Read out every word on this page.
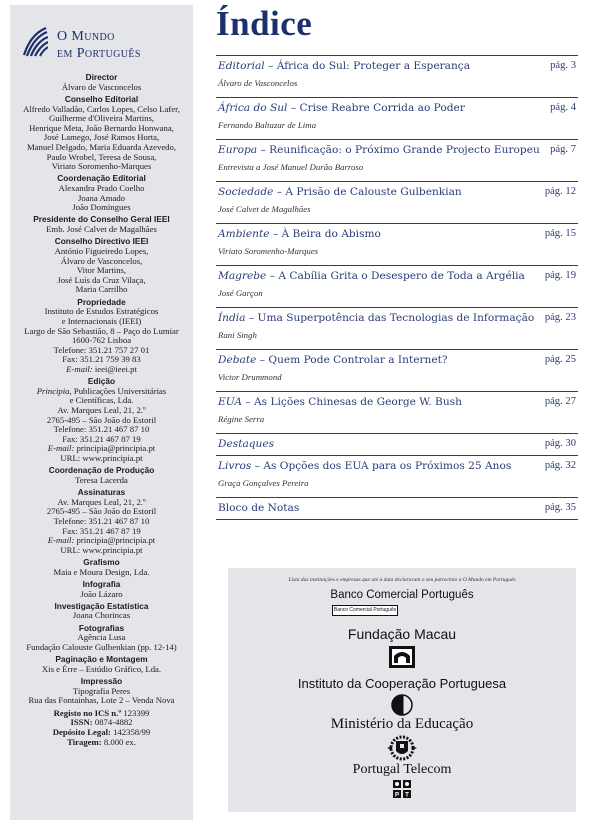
O Mundo
em Português
Director
Álvaro de Vasconcelos
Conselho Editorial
Alfredo Valladão, Carlos Lopes, Celso Lafer,
Guilherme d'Oliveira Martins,
Henrique Meta, João Bernardo Honwana,
José Lamego, José Ramos Horta,
Manuel Delgado, Maria Eduarda Azevedo,
Paulo Wrobel, Teresa de Sousa,
Viriato Soromenho-Marques
Coordenação Editorial
Alexandra Prado Coelho
Joana Amado
João Domingues
Presidente do Conselho Geral IEEI
Emb. José Calvet de Magalhães
Conselho Directivo IEEI
António Figueiredo Lopes,
Álvaro de Vasconcelos,
Vitor Martins,
José Luís da Cruz Vilaça,
Maria Carrilho
Propriedade
Instituto de Estudos Estratégicos
e Internacionais (IEEI)
Largo de São Sebastião, 8 – Paço do Lumiar
1600-762 Lisboa
Telefone: 351.21 757 27 01
Fax: 351.21 759 39 83
E-mail: ieei@ieei.pt
Edição
Principia, Publicações Universitárias
e Científicas, Lda.
Av. Marques Leal, 21, 2.º
2765-495 – São João do Estoril
Telefone: 351.21 467 87 10
Fax: 351.21 467 87 19
E-mail: principia@principia.pt
URL: www.principia.pt
Coordenação de Produção
Teresa Lacerda
Assinaturas
Av. Marques Leal, 21, 2.º
2765-495 – São João do Estoril
Telefone: 351.21 467 87 10
Fax: 351.21 467 87 19
E-mail: principia@principia.pt
URL: www.principia.pt
Grafismo
Maia e Moura Design, Lda.
Infografia
João Lázaro
Investigação Estatística
Joana Chorincas
Fotografias
Agência Lusa
Fundação Calouste Gulbenkian (pp. 12-14)
Paginação e Montagem
Xis e Érre – Estúdio Gráfico, Lda.
Impressão
Tipografia Peres
Rua das Fontainhas, Lote 2 – Venda Nova
Registo no ICS n.º 123399
ISSN: 0874-4882
Depósito Legal: 142358/99
Tiragem: 8.000 ex.
Índice
Editorial – África do Sul: Proteger a Esperança	pág. 3
Álvaro de Vasconcelos
África do Sul – Crise Reabre Corrida ao Poder	pág. 4
Fernando Baltazar de Lima
Europa – Reunificação: o Próximo Grande Projecto Europeu pág. 7
Entrevista a José Manuel Durão Barroso
Sociedade – A Prisão de Calouste Gulbenkian	pág. 12
José Calvet de Magalhães
Ambiente – À Beira do Abismo	pág. 15
Viriato Soromenho-Marques
Magrebe – A Cabília Grita o Desespero de Toda a Argélia pág. 19
José Garçon
Índia – Uma Superpotência das Tecnologias de Informação pág. 23
Rani Singh
Debate – Quem Pode Controlar a Internet?	pág. 25
Victor Drummond
EUA – As Lições Chinesas de George W. Bush	pág. 27
Régine Serra
Destaques	pág. 30
Livros – As Opções dos EUA para os Próximos 25 Anos	pág. 32
Graça Gonçalves Pereira
Bloco de Notas	pág. 35
Lista das instituições e empresas que até à data declararam o seu patrocínio a O Mundo em Português
Banco Comercial Português
Banco Comercial Português
Fundação Macau
Instituto da Cooperação Portuguesa
Ministério da Educação
Portugal Telecom
P T
